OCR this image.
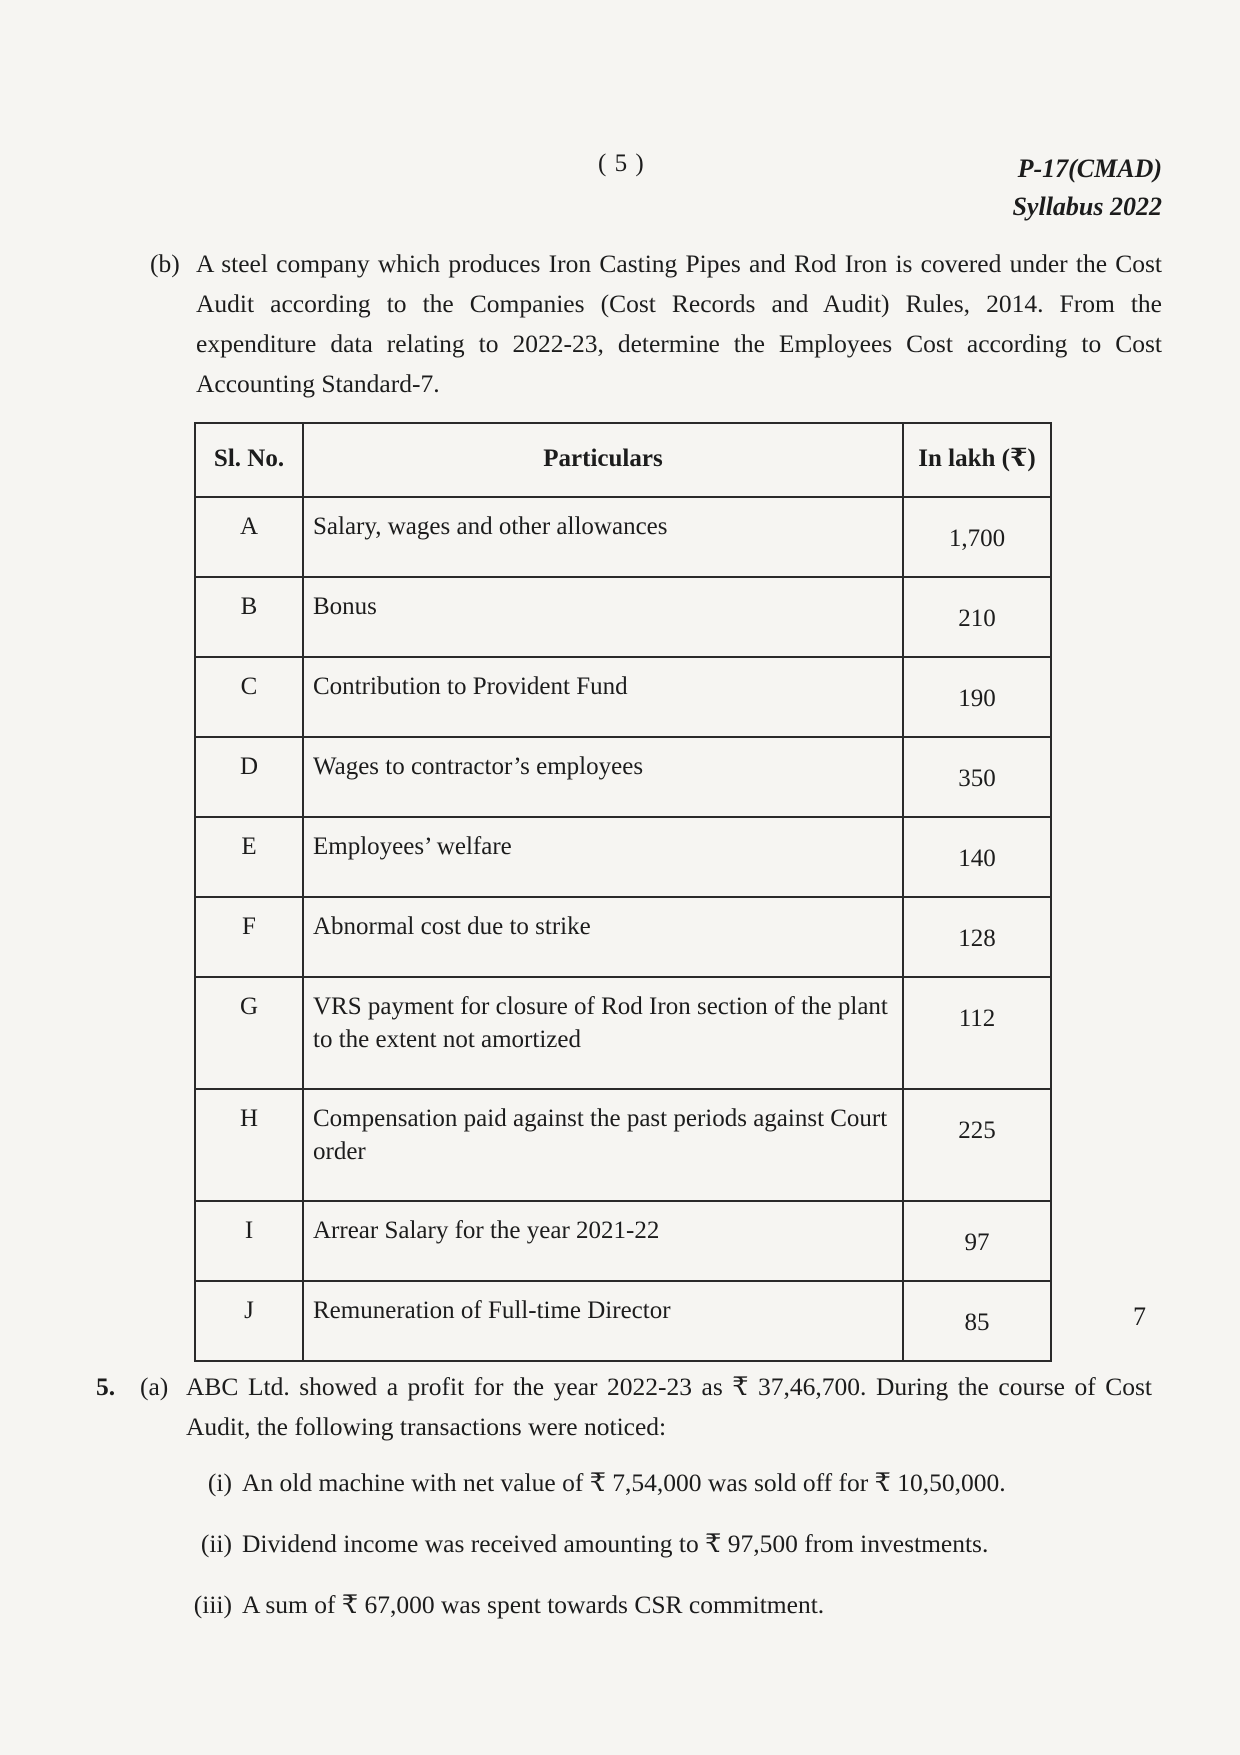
( 5 )	P-17(CMAD)
Syllabus 2022
(b) A steel company which produces Iron Casting Pipes and Rod Iron is covered under the Cost Audit according to the Companies (Cost Records and Audit) Rules, 2014. From the expenditure data relating to 2022-23, determine the Employees Cost according to Cost Accounting Standard-7.
Sl. No.	Particulars	In lakh (₹)
A	Salary, wages and other allowances	1,700
B	Bonus	210
C	Contribution to Provident Fund	190
D	Wages to contractor’s employees	350
E	Employees’ welfare	140
F	Abnormal cost due to strike	128
G	VRS payment for closure of Rod Iron section of the plant to the extent not amortized	112
H	Compensation paid against the past periods against Court order	225
I	Arrear Salary for the year 2021-22	97
J	Remuneration of Full-time Director	85	7
5. (a) ABC Ltd. showed a profit for the year 2022-23 as ₹ 37,46,700. During the course of Cost Audit, the following transactions were noticed:
(i) An old machine with net value of ₹ 7,54,000 was sold off for ₹ 10,50,000.
(ii) Dividend income was received amounting to ₹ 97,500 from investments.
(iii) A sum of ₹ 67,000 was spent towards CSR commitment.
